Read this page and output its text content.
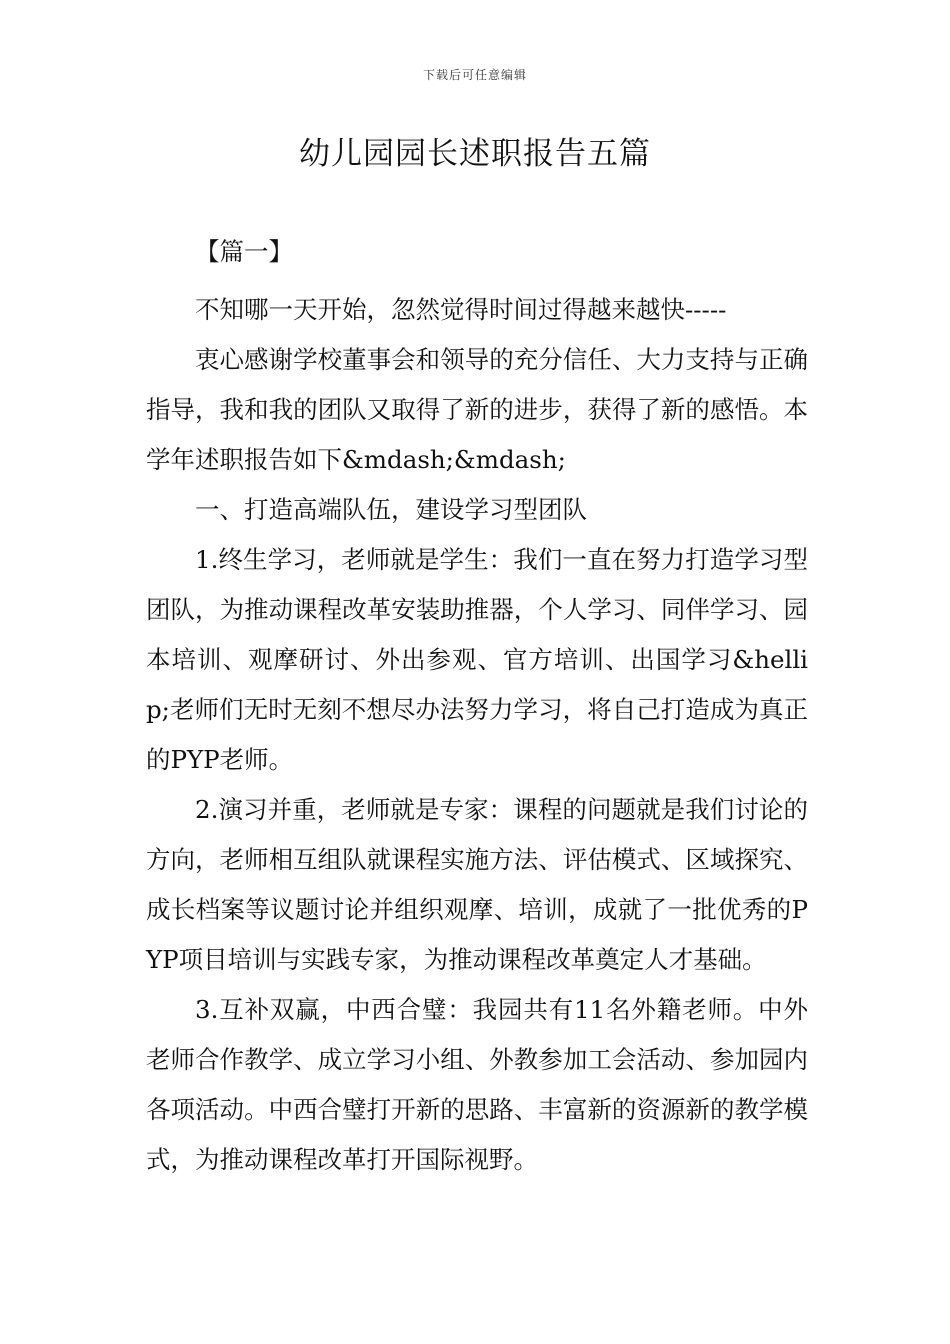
下载后可任意编辑
幼儿园园长述职报告五篇

【篇一】

不知哪一天开始，忽然觉得时间过得越来越快-----

衷心感谢学校董事会和领导的充分信任、大力支持与正确指导，我和我的团队又取得了新的进步，获得了新的感悟。本学年述职报告如下&mdash;&mdash;

一、打造高端队伍，建设学习型团队

1.终生学习，老师就是学生：我们一直在努力打造学习型团队，为推动课程改革安装助推器，个人学习、同伴学习、园本培训、观摩研讨、外出参观、官方培训、出国学习&hellip;老师们无时无刻不想尽办法努力学习，将自己打造成为真正的PYP老师。

2.演习并重，老师就是专家：课程的问题就是我们讨论的方向，老师相互组队就课程实施方法、评估模式、区域探究、成长档案等议题讨论并组织观摩、培训，成就了一批优秀的PYP项目培训与实践专家，为推动课程改革奠定人才基础。

3.互补双赢，中西合璧：我园共有11名外籍老师。中外老师合作教学、成立学习小组、外教参加工会活动、参加园内各项活动。中西合璧打开新的思路、丰富新的资源新的教学模式，为推动课程改革打开国际视野。
